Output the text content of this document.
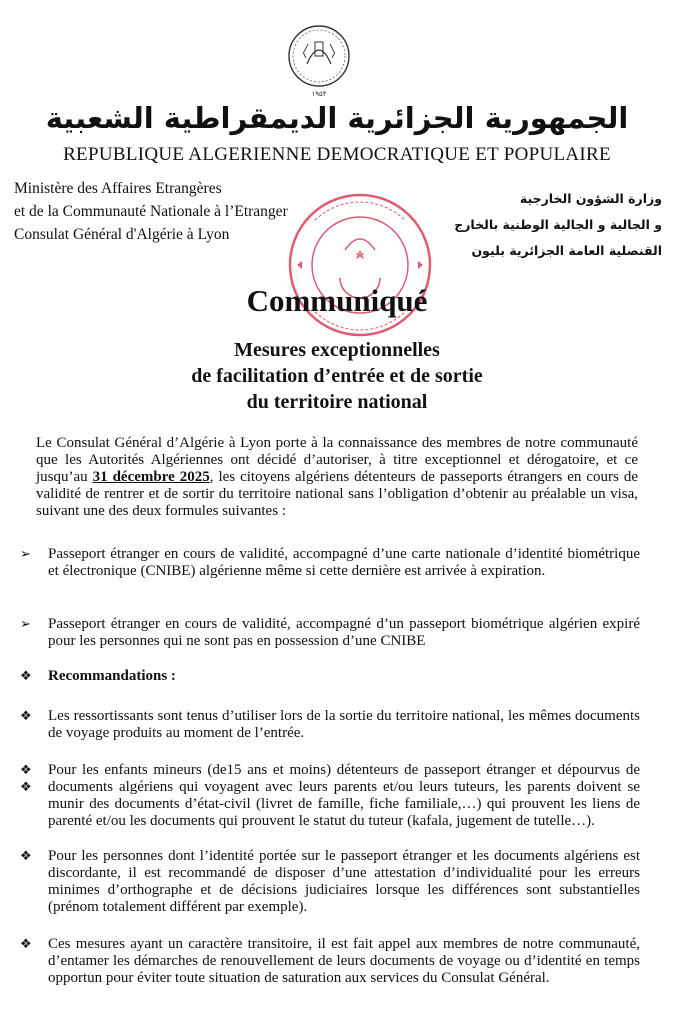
۱۹۵۴
الجمهورية الجزائرية الديمقراطية الشعبية
REPUBLIQUE ALGERIENNE DEMOCRATIQUE ET POPULAIRE
Ministère des Affaires Etrangères
et de la Communauté Nationale à l’Etranger
Consulat Général d'Algérie à Lyon
وزارة الشؤون الخارجية
و الجالية و الجالية الوطنية بالخارج
القنصلية العامة الجزائرية بليون
Communiqué
Mesures exceptionnelles
de facilitation d’entrée et de sortie
du territoire national
Le Consulat Général d’Algérie à Lyon porte à la connaissance des membres de notre communauté que les Autorités Algériennes ont décidé d’autoriser, à titre exceptionnel et dérogatoire, et ce jusqu’au 31 décembre 2025, les citoyens algériens détenteurs de passeports étrangers en cours de validité de rentrer et de sortir du territoire national sans l’obligation d’obtenir au préalable un visa, suivant une des deux formules suivantes :
➢	Passeport étranger en cours de validité, accompagné d’une carte nationale d’identité biométrique et électronique (CNIBE) algérienne même si cette dernière est arrivée à expiration.
➢	Passeport étranger en cours de validité, accompagné d’un passeport biométrique algérien expiré pour les personnes qui ne sont pas en possession d’une CNIBE
❖	Recommandations :
❖	Les ressortissants sont tenus d’utiliser lors de la sortie du territoire national, les mêmes documents de voyage produits au moment de l’entrée.
❖
❖
Pour les enfants mineurs (de15 ans et moins) détenteurs de passeport étranger et dépourvus de documents algériens qui voyagent avec leurs parents et/ou leurs tuteurs, les parents doivent se munir des documents d’état-civil (livret de famille, fiche familiale,…) qui prouvent les liens de parenté et/ou les documents qui prouvent le statut du tuteur (kafala, jugement de tutelle…).
❖	Pour les personnes dont l’identité portée sur le passeport étranger et les documents algériens est discordante, il est recommandé de disposer d’une attestation d’individualité pour les erreurs minimes d’orthographe et de décisions judiciaires lorsque les différences sont substantielles (prénom totalement différent par exemple).
❖	Ces mesures ayant un caractère transitoire, il est fait appel aux membres de notre communauté, d’entamer les démarches de renouvellement de leurs documents de voyage ou d’identité en temps opportun pour éviter toute situation de saturation aux services du Consulat Général.
